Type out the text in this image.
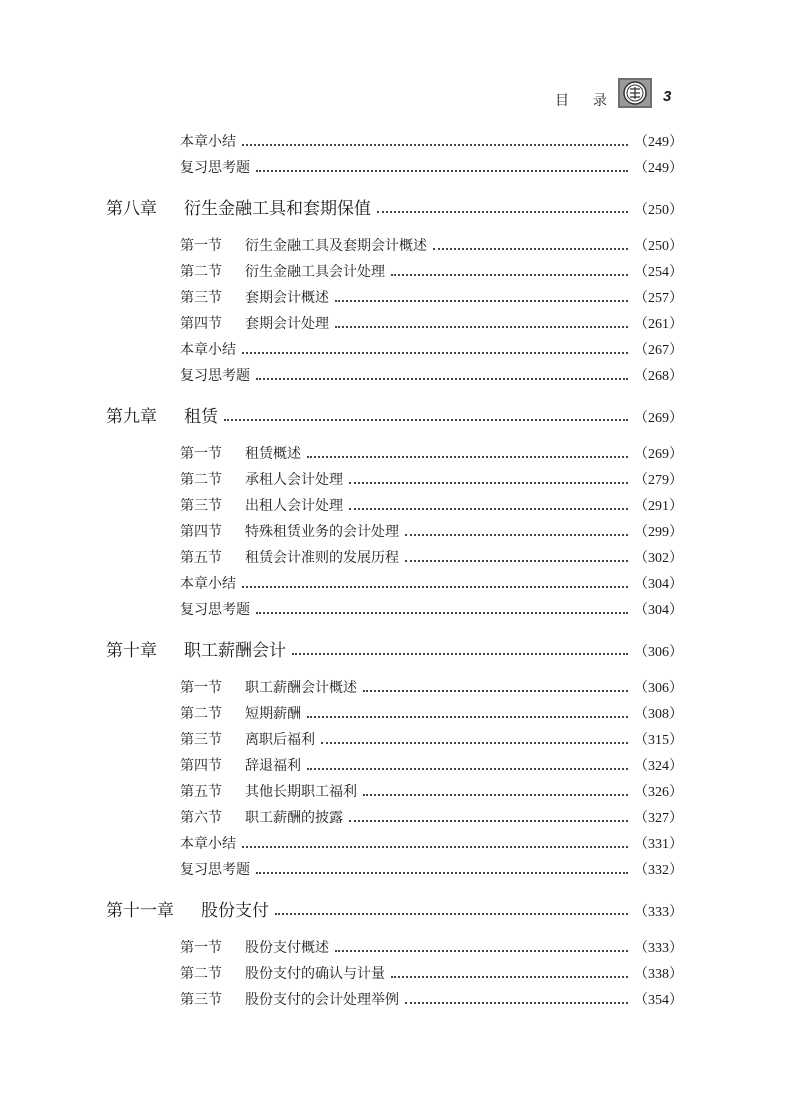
目 录	3
本章小结	（249）
复习思考题	（249）
第八章	衍生金融工具和套期保值	（250）
第一节	衍生金融工具及套期会计概述	（250）
第二节	衍生金融工具会计处理	（254）
第三节	套期会计概述	（257）
第四节	套期会计处理	（261）
本章小结	（267）
复习思考题	（268）
第九章	租赁	（269）
第一节	租赁概述	（269）
第二节	承租人会计处理	（279）
第三节	出租人会计处理	（291）
第四节	特殊租赁业务的会计处理	（299）
第五节	租赁会计准则的发展历程	（302）
本章小结	（304）
复习思考题	（304）
第十章	职工薪酬会计	（306）
第一节	职工薪酬会计概述	（306）
第二节	短期薪酬	（308）
第三节	离职后福利	（315）
第四节	辞退福利	（324）
第五节	其他长期职工福利	（326）
第六节	职工薪酬的披露	（327）
本章小结	（331）
复习思考题	（332）
第十一章	股份支付	（333）
第一节	股份支付概述	（333）
第二节	股份支付的确认与计量	（338）
第三节	股份支付的会计处理举例	（354）
